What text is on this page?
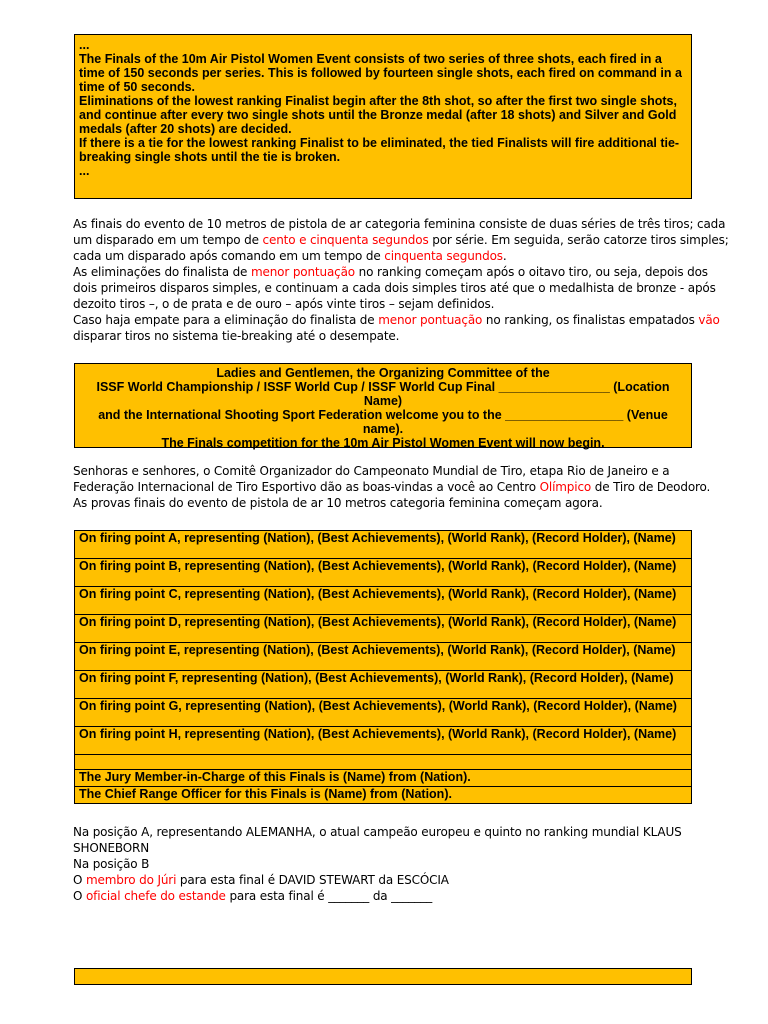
...

The Finals of the 10m Air Pistol Women Event consists of two series of three shots, each fired in a time of 150 seconds per series. This is followed by fourteen single shots, each fired on command in a time of 50 seconds.

Eliminations of the lowest ranking Finalist begin after the 8th shot, so after the first two single shots, and continue after every two single shots until the Bronze medal (after 18 shots) and Silver and Gold medals (after 20 shots) are decided.

If there is a tie for the lowest ranking Finalist to be eliminated, the tied Finalists will fire additional tie-breaking single shots until the tie is broken.

...

As finais do evento de 10 metros de pistola de ar categoria feminina consiste de duas séries de três tiros; cada um disparado em um tempo de cento e cinquenta segundos por série. Em seguida, serão catorze tiros simples; cada um disparado após comando em um tempo de cinquenta segundos.

As eliminações do finalista de menor pontuação no ranking começam após o oitavo tiro, ou seja, depois dos dois primeiros disparos simples, e continuam a cada dois simples tiros até que o medalhista de bronze - após dezoito tiros –, o de prata e de ouro – após vinte tiros – sejam definidos.

Caso haja empate para a eliminação do finalista de menor pontuação no ranking, os finalistas empatados vão disparar tiros no sistema tie-breaking até o desempate.

Ladies and Gentlemen, the Organizing Committee of the

ISSF World Championship / ISSF World Cup / ISSF World Cup Final ________________ (Location Name)

and the International Shooting Sport Federation welcome you to the _________________ (Venue name).

The Finals competition for the 10m Air Pistol Women Event will now begin.

Senhoras e senhores, o Comitê Organizador do Campeonato Mundial de Tiro, etapa Rio de Janeiro e a Federação Internacional de Tiro Esportivo dão as boas-vindas a você ao Centro Olímpico de Tiro de Deodoro.

As provas finais do evento de pistola de ar 10 metros categoria feminina começam agora.

On firing point A, representing (Nation), (Best Achievements), (World Rank), (Record Holder), (Name)
On firing point B, representing (Nation), (Best Achievements), (World Rank), (Record Holder), (Name)
On firing point C, representing (Nation), (Best Achievements), (World Rank), (Record Holder), (Name)
On firing point D, representing (Nation), (Best Achievements), (World Rank), (Record Holder), (Name)
On firing point E, representing (Nation), (Best Achievements), (World Rank), (Record Holder), (Name)
On firing point F, representing (Nation), (Best Achievements), (World Rank), (Record Holder), (Name)
On firing point G, representing (Nation), (Best Achievements), (World Rank), (Record Holder), (Name)
On firing point H, representing (Nation), (Best Achievements), (World Rank), (Record Holder), (Name)

The Jury Member-in-Charge of this Finals is (Name) from (Nation).
The Chief Range Officer for this Finals is (Name) from (Nation).

Na posição A, representando ALEMANHA, o atual campeão europeu e quinto no ranking mundial KLAUS SHONEBORN

Na posição B

O membro do Júri para esta final é DAVID STEWART da ESCÓCIA

O oficial chefe do estande para esta final é _______ da _______
